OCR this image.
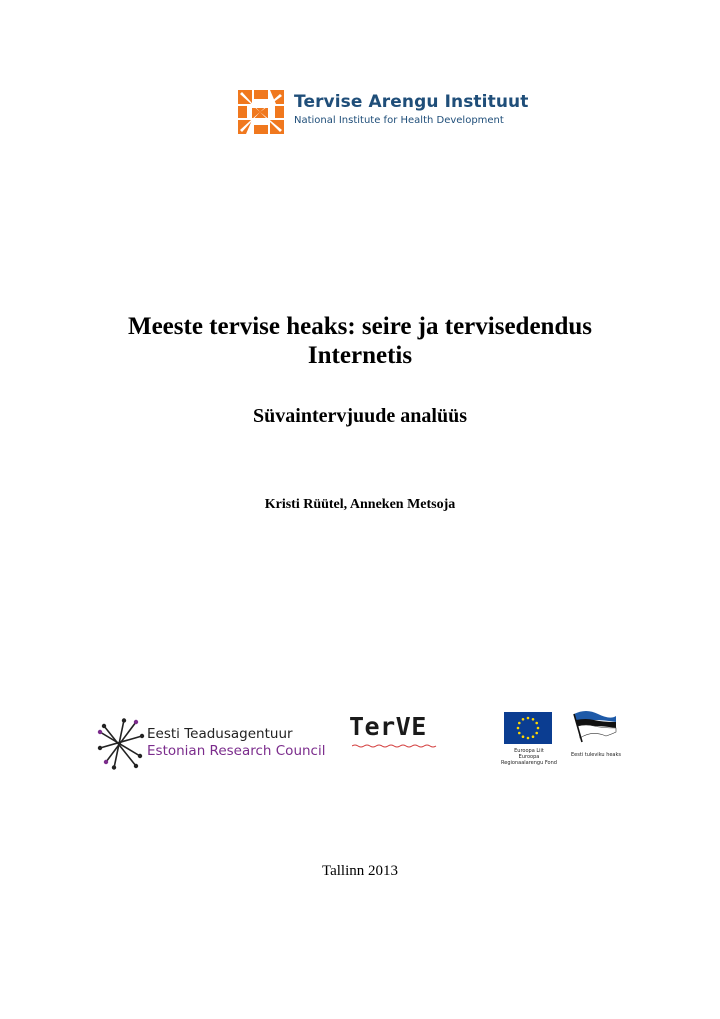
Tervise Arengu Instituut
National Institute for Health Development
Meeste tervise heaks: seire ja tervisedendus
Internetis
Süvaintervjuude analüüs
Kristi Rüütel, Anneken Metsoja
Eesti Teadusagentuur
Estonian Research Council
TerVE
Euroopa Liit
Euroopa
Regionaalarengu Fond
Eesti tuleviku heaks
Tallinn 2013
